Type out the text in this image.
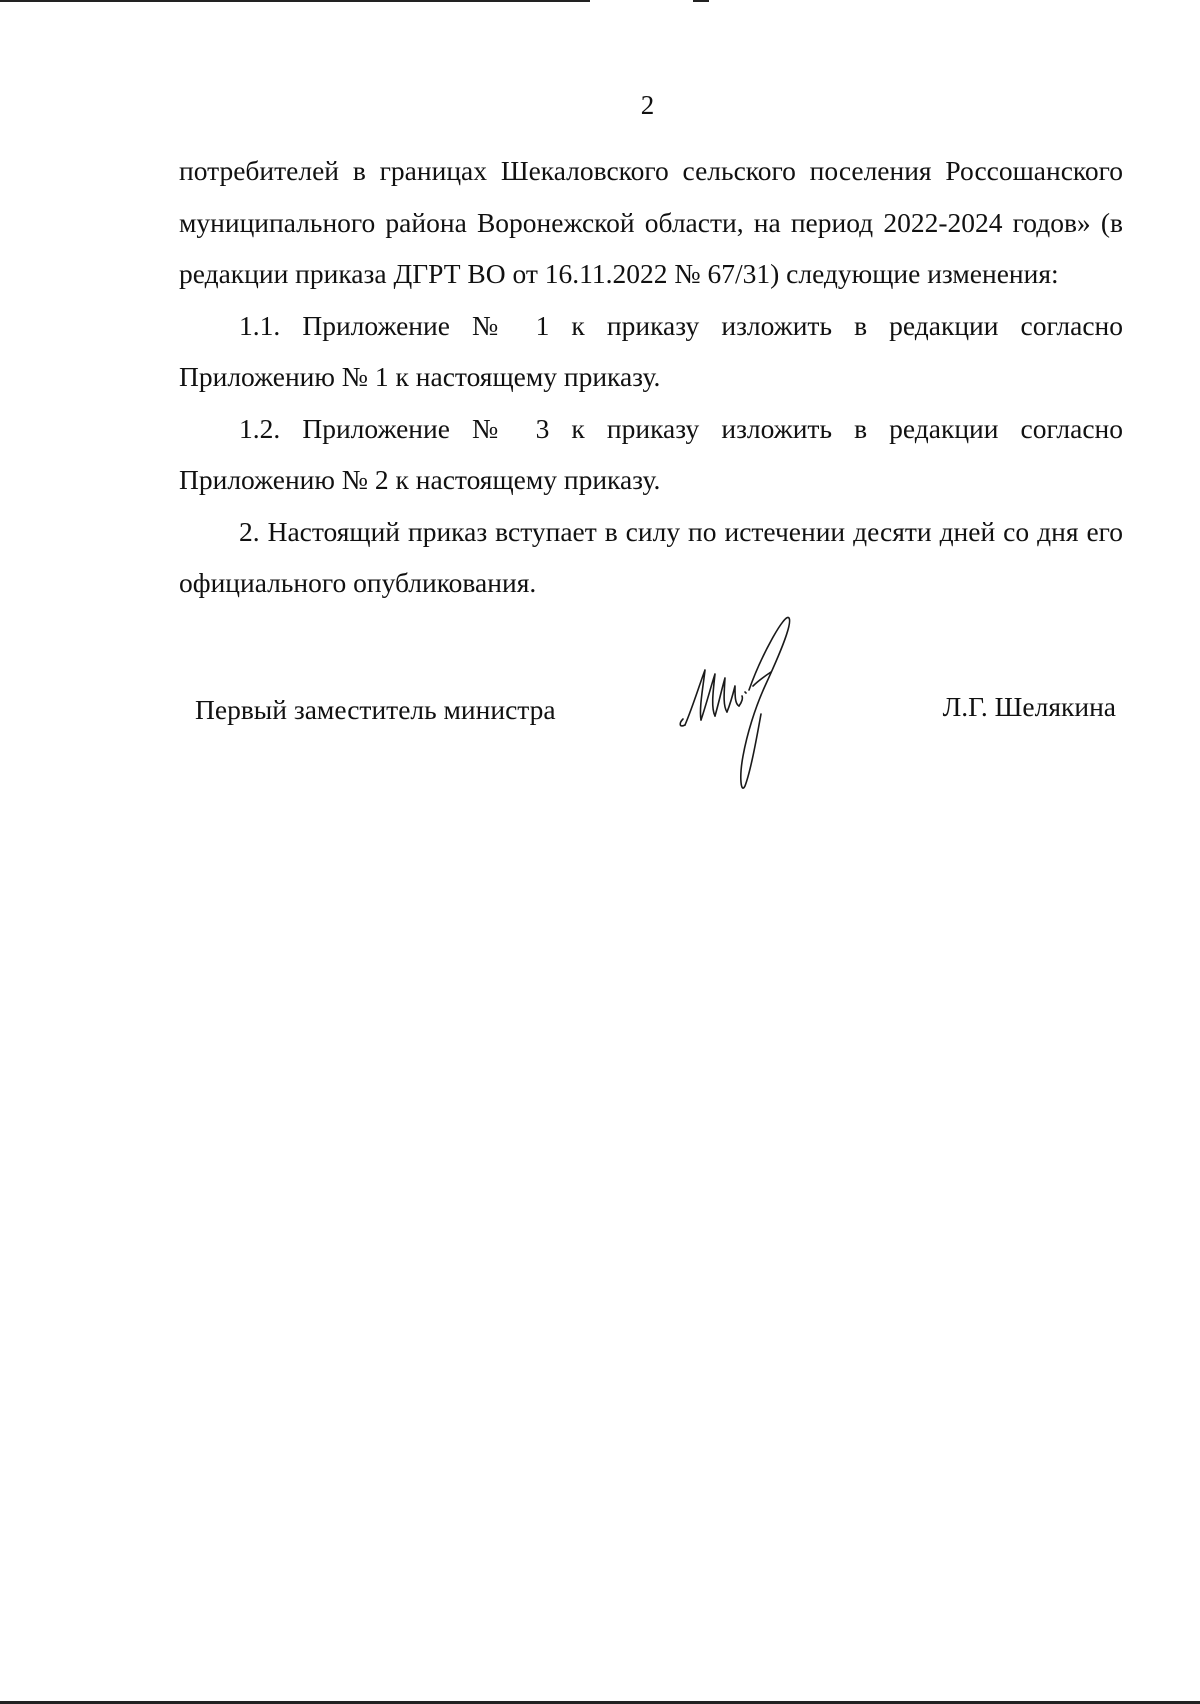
2

потребителей в границах Шекаловского сельского поселения Россошанского муниципального района Воронежской области, на период 2022-2024 годов» (в редакции приказа ДГРТ ВО от 16.11.2022 № 67/31) следующие изменения:

1.1. Приложение № 1 к приказу изложить в редакции согласно Приложению № 1 к настоящему приказу.

1.2. Приложение № 3 к приказу изложить в редакции согласно Приложению № 2 к настоящему приказу.

2. Настоящий приказ вступает в силу по истечении десяти дней со дня его официального опубликования.

Первый заместитель министра	Л.Г. Шелякина
